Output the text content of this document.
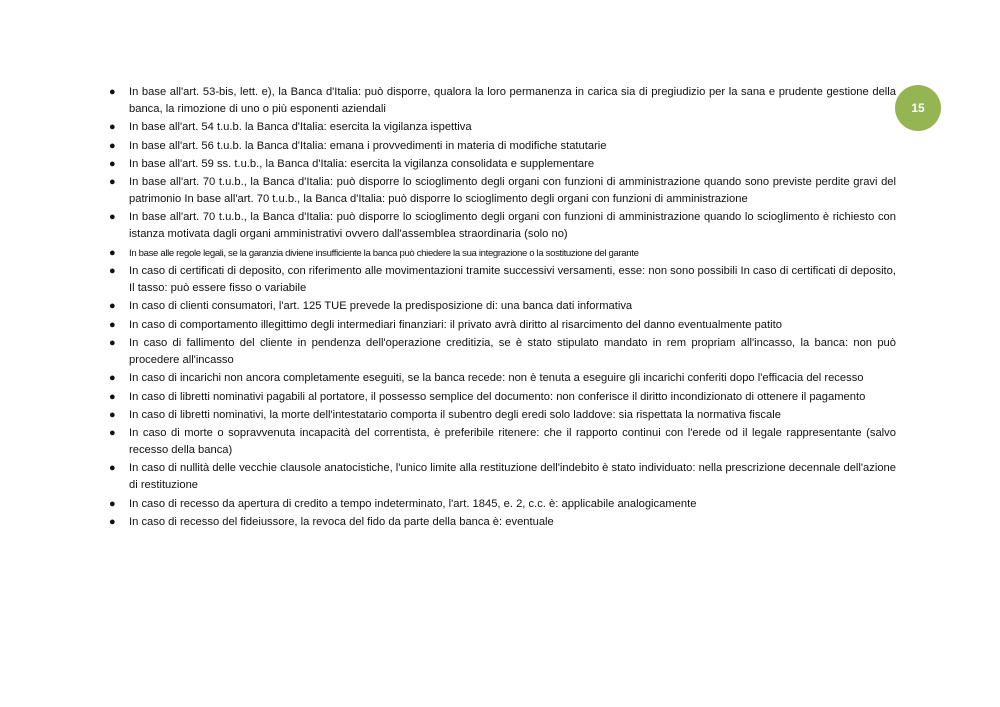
15
● In base all'art. 53-bis, lett. e), la Banca d'Italia: può disporre, qualora la loro permanenza in carica sia di pregiudizio per la sana e prudente gestione della banca, la rimozione di uno o più esponenti aziendali
● In base all'art. 54 t.u.b. la Banca d'Italia: esercita la vigilanza ispettiva
● In base all'art. 56 t.u.b. la Banca d'Italia: emana i provvedimenti in materia di modifiche statutarie
● In base all'art. 59 ss. t.u.b., la Banca d'Italia: esercita la vigilanza consolidata e supplementare
● In base all'art. 70 t.u.b., la Banca d'Italia: può disporre lo scioglimento degli organi con funzioni di amministrazione quando sono previste perdite gravi del patrimonio In base all'art. 70 t.u.b., la Banca d'Italia: può disporre lo scioglimento degli organi con funzioni di amministrazione
● In base all'art. 70 t.u.b., la Banca d'Italia: può disporre lo scioglimento degli organi con funzioni di amministrazione quando lo scioglimento è richiesto con istanza motivata dagli organi amministrativi ovvero dall'assemblea straordinaria (solo no)
● In base alle regole legali, se la garanzia diviene insufficiente la banca può chiedere la sua integrazione o la sostituzione del garante
● In caso di certificati di deposito, con riferimento alle movimentazioni tramite successivi versamenti, esse: non sono possibili In caso di certificati di deposito, Il tasso: può essere fisso o variabile
● In caso di clienti consumatori, l'art. 125 TUE prevede la predisposizione di: una banca dati informativa
● In caso di comportamento illegittimo degli intermediari finanziari: il privato avrà diritto al risarcimento del danno eventualmente patito
● In caso di fallimento del cliente in pendenza dell'operazione creditizia, se è stato stipulato mandato in rem propriam all'incasso, la banca: non può procedere all'incasso
● In caso di incarichi non ancora completamente eseguiti, se la banca recede: non è tenuta a eseguire gli incarichi conferiti dopo l'efficacia del recesso
● In caso di libretti nominativi pagabili al portatore, il possesso semplice del documento: non conferisce il diritto incondizionato di ottenere il pagamento
● In caso di libretti nominativi, la morte dell'intestatario comporta il subentro degli eredi solo laddove: sia rispettata la normativa fiscale
● In caso di morte o sopravvenuta incapacità del correntista, è preferibile ritenere: che il rapporto continui con l'erede od il legale rappresentante (salvo recesso della banca)
● In caso di nullità delle vecchie clausole anatocistiche, l'unico limite alla restituzione dell'indebito è stato individuato: nella prescrizione decennale dell'azione di restituzione
● In caso di recesso da apertura di credito a tempo indeterminato, l'art. 1845, e. 2, c.c. è: applicabile analogicamente
● In caso di recesso del fideiussore, la revoca del fido da parte della banca è: eventuale
